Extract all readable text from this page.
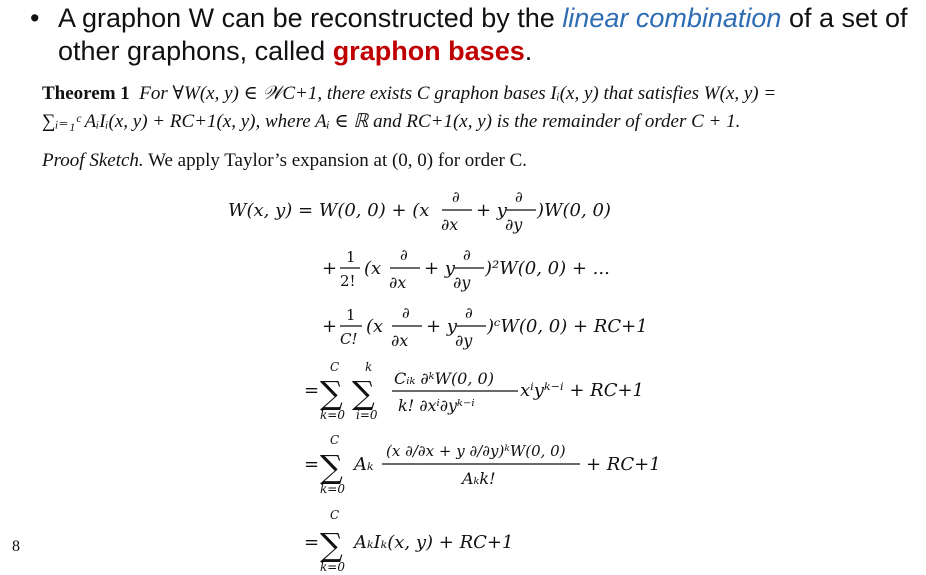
• A graphon W can be reconstructed by the linear combination of a set of other graphons, called graphon bases.
Theorem 1 For ∀W(x, y) ∈ 𝒲C+1, there exists C graphon bases Iᵢ(x, y) that satisfies W(x, y) =
∑ᵢ₌₁ᶜ AᵢIᵢ(x, y) + RC+1(x, y), where Aᵢ ∈ ℝ and RC+1(x, y) is the remainder of order C + 1.
Proof Sketch. We apply Taylor’s expansion at (0, 0) for order C.
W(x, y) = W(0, 0) + (x
∂
∂x
+ y
∂
∂y
)W(0, 0)
+
1
2!
(x
∂
∂x
+ y
∂
∂y
)²W(0, 0) + ...
+
1
C!
(x
∂
∂x
+ y
∂
∂y
)ᶜW(0, 0) + RC+1
=
C
∑
k=0
k
∑
i=0
Cᵢₖ ∂ᵏW(0, 0)
k! ∂xⁱ∂yᵏ⁻ⁱ
xⁱyᵏ⁻ⁱ + RC+1
=
C
∑
k=0
Aₖ
(x ∂/∂x + y ∂/∂y)ᵏW(0, 0)
Aₖk!
+ RC+1
=
C
∑
k=0
AₖIₖ(x, y) + RC+1
8
